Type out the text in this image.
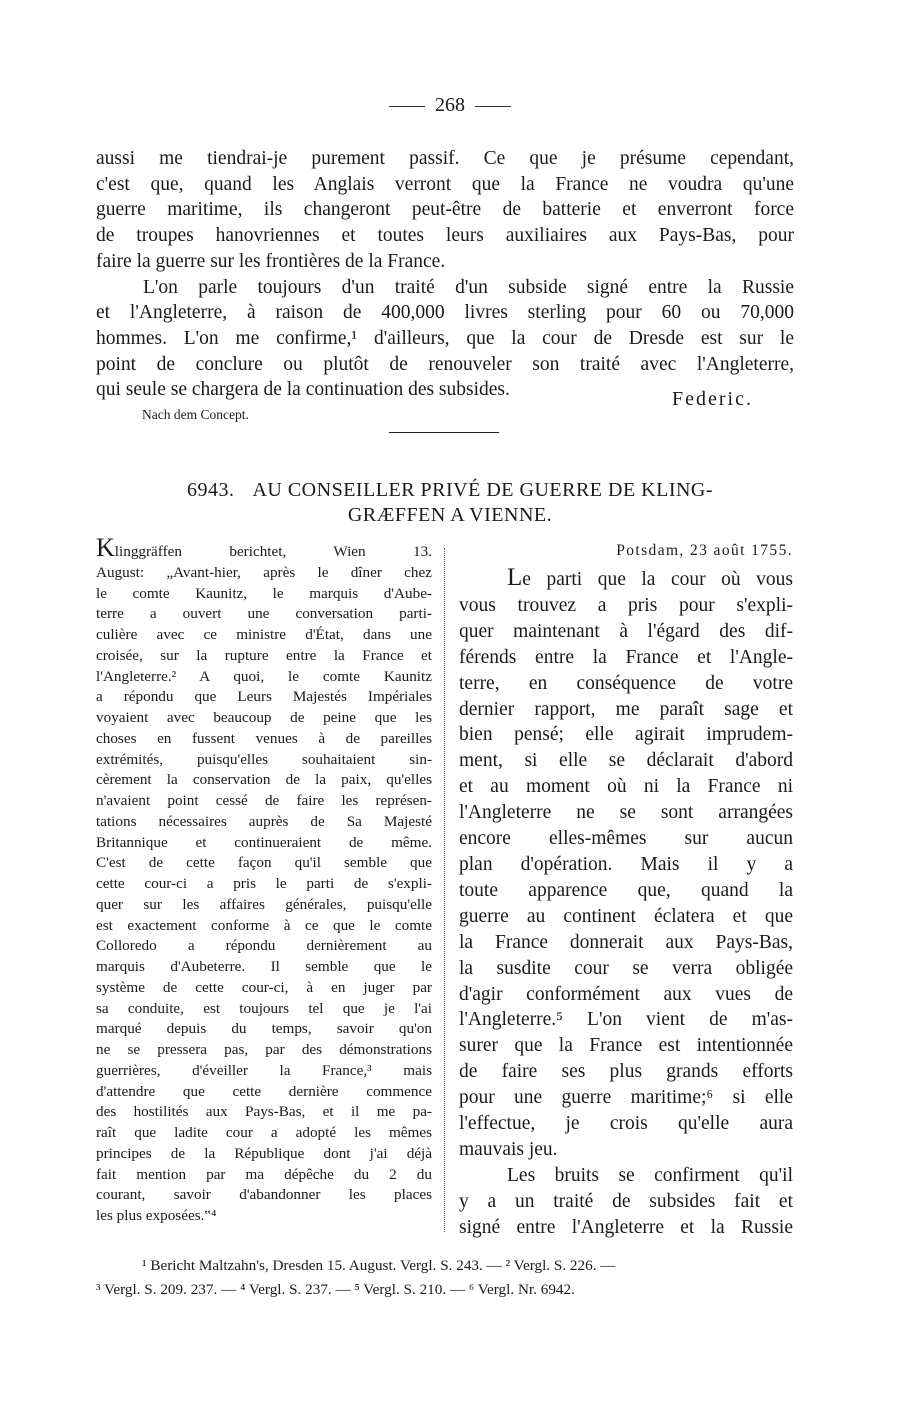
268
aussi me tiendrai-je purement passif. Ce que je présume cependant,
c'est que, quand les Anglais verront que la France ne voudra qu'une
guerre maritime, ils changeront peut-être de batterie et enverront force
de troupes hanovriennes et toutes leurs auxiliaires aux Pays-Bas, pour
faire la guerre sur les frontières de la France.
L'on parle toujours d'un traité d'un subside signé entre la Russie
et l'Angleterre, à raison de 400,000 livres sterling pour 60 ou 70,000
hommes. L'on me confirme,¹ d'ailleurs, que la cour de Dresde est sur le
point de conclure ou plutôt de renouveler son traité avec l'Angleterre,
qui seule se chargera de la continuation des subsides.	Federic.
Nach dem Concept.
6943. AU CONSEILLER PRIVÉ DE GUERRE DE KLING-
GRÆFFEN A VIENNE.
Klinggräffen berichtet, Wien 13.
August: „Avant-hier, après le dîner chez
le comte Kaunitz, le marquis d'Aube-
terre a ouvert une conversation parti-
culière avec ce ministre d'État, dans une
croisée, sur la rupture entre la France et
l'Angleterre.² A quoi, le comte Kaunitz
a répondu que Leurs Majestés Impériales
voyaient avec beaucoup de peine que les
choses en fussent venues à de pareilles
extrémités, puisqu'elles souhaitaient sin-
cèrement la conservation de la paix, qu'elles
n'avaient point cessé de faire les représen-
tations nécessaires auprès de Sa Majesté
Britannique et continueraient de même.
C'est de cette façon qu'il semble que
cette cour-ci a pris le parti de s'expli-
quer sur les affaires générales, puisqu'elle
est exactement conforme à ce que le comte
Colloredo a répondu dernièrement au
marquis d'Aubeterre. Il semble que le
système de cette cour-ci, à en juger par
sa conduite, est toujours tel que je l'ai
marqué depuis du temps, savoir qu'on
ne se pressera pas, par des démonstrations
guerrières, d'éveiller la France,³ mais
d'attendre que cette dernière commence
des hostilités aux Pays-Bas, et il me pa-
raît que ladite cour a adopté les mêmes
principes de la République dont j'ai déjà
fait mention par ma dépêche du 2 du
courant, savoir d'abandonner les places
les plus exposées.‟⁴
Potsdam, 23 août 1755.
Le parti que la cour où vous
vous trouvez a pris pour s'expli-
quer maintenant à l'égard des dif-
férends entre la France et l'Angle-
terre, en conséquence de votre
dernier rapport, me paraît sage et
bien pensé; elle agirait imprudem-
ment, si elle se déclarait d'abord
et au moment où ni la France ni
l'Angleterre ne se sont arrangées
encore elles-mêmes sur aucun
plan d'opération. Mais il y a
toute apparence que, quand la
guerre au continent éclatera et que
la France donnerait aux Pays-Bas,
la susdite cour se verra obligée
d'agir conformément aux vues de
l'Angleterre.⁵ L'on vient de m'as-
surer que la France est intentionnée
de faire ses plus grands efforts
pour une guerre maritime;⁶ si elle
l'effectue, je crois qu'elle aura
mauvais jeu.
Les bruits se confirment qu'il
y a un traité de subsides fait et
signé entre l'Angleterre et la Russie
¹ Bericht Maltzahn's, Dresden 15. August. Vergl. S. 243. — ² Vergl. S. 226. —
³ Vergl. S. 209. 237. — ⁴ Vergl. S. 237. — ⁵ Vergl. S. 210. — ⁶ Vergl. Nr. 6942.
